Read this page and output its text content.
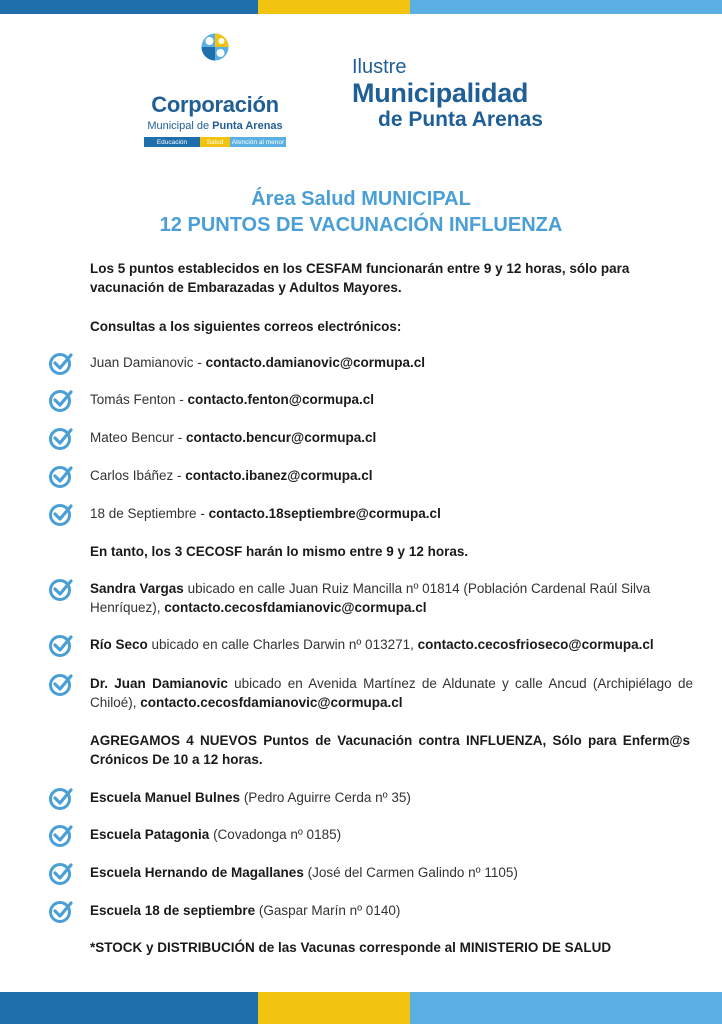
Corporación
Municipal de Punta Arenas
Educación	Salud	Atención al menor
Ilustre
Municipalidad
de Punta Arenas
Área Salud MUNICIPAL
12 PUNTOS DE VACUNACIÓN INFLUENZA
Los 5 puntos establecidos en los CESFAM funcionarán entre 9 y 12 horas, sólo para vacunación de Embarazadas y Adultos Mayores.
Consultas a los siguientes correos electrónicos:
Juan Damianovic - contacto.damianovic@cormupa.cl
Tomás Fenton - contacto.fenton@cormupa.cl
Mateo Bencur - contacto.bencur@cormupa.cl
Carlos Ibáñez - contacto.ibanez@cormupa.cl
18 de Septiembre - contacto.18septiembre@cormupa.cl
En tanto, los 3 CECOSF harán lo mismo entre 9 y 12 horas.
Sandra Vargas ubicado en calle Juan Ruiz Mancilla nº 01814 (Población Cardenal Raúl Silva Henríquez), contacto.cecosfdamianovic@cormupa.cl
Río Seco ubicado en calle Charles Darwin nº 013271, contacto.cecosfrioseco@cormupa.cl
Dr. Juan Damianovic ubicado en Avenida Martínez de Aldunate y calle Ancud (Archipiélago de Chiloé), contacto.cecosfdamianovic@cormupa.cl
AGREGAMOS 4 NUEVOS Puntos de Vacunación contra INFLUENZA, Sólo para Enferm@s Crónicos De 10 a 12 horas.
Escuela Manuel Bulnes (Pedro Aguirre Cerda nº 35)
Escuela Patagonia (Covadonga nº 0185)
Escuela Hernando de Magallanes (José del Carmen Galindo nº 1105)
Escuela 18 de septiembre (Gaspar Marín nº 0140)
*STOCK y DISTRIBUCIÓN de las Vacunas corresponde al MINISTERIO DE SALUD
